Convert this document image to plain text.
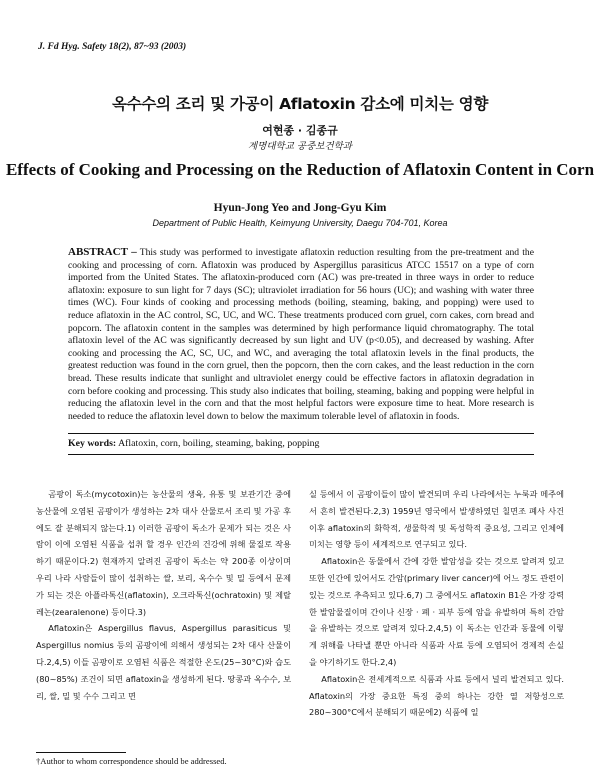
J. Fd Hyg. Safety 18(2), 87~93 (2003)
옥수수의 조리 및 가공이 Aflatoxin 감소에 미치는 영향
여현종 · 김종규
계명대학교 공중보건학과
Effects of Cooking and Processing on the Reduction of Aflatoxin Content in Corn
Hyun-Jong Yeo and Jong-Gyu Kim
Department of Public Health, Keimyung University, Daegu 704-701, Korea
ABSTRACT – This study was performed to investigate aflatoxin reduction resulting from the pre-treatment and the cooking and processing of corn. Aflatoxin was produced by Aspergillus parasiticus ATCC 15517 on a type of corn imported from the United States. The aflatoxin-produced corn (AC) was pre-treated in three ways in order to reduce aflatoxin: exposure to sun light for 7 days (SC); ultraviolet irradiation for 56 hours (UC); and washing with water three times (WC). Four kinds of cooking and processing methods (boiling, steaming, baking, and popping) were used to reduce aflatoxin in the AC control, SC, UC, and WC. These treatments produced corn gruel, corn cakes, corn bread and popcorn. The aflatoxin content in the samples was determined by high performance liquid chromatography. The total aflatoxin level of the AC was significantly decreased by sun light and UV (p<0.05), and decreased by washing. After cooking and processing the AC, SC, UC, and WC, and averaging the total aflatoxin levels in the final products, the greatest reduction was found in the corn gruel, then the popcorn, then the corn cakes, and the least reduction in the corn bread. These results indicate that sunlight and ultraviolet energy could be effective factors in aflatoxin degradation in corn before cooking and processing. This study also indicates that boiling, steaming, baking and popping were helpful in reducing the aflatoxin level in the corn and that the most helpful factors were exposure time to heat. More research is needed to reduce the aflatoxin level down to below the maximum tolerable level of aflatoxin in foods.
Key words: Aflatoxin, corn, boiling, steaming, baking, popping

곰팡이 독소(mycotoxin)는 농산물의 생육, 유통 및 보관기간 중에 농산물에 오염된 곰팡이가 생성하는 2차 대사 산물로서 조리 및 가공 후에도 잘 분해되지 않는다.1) 이러한 곰팡이 독소가 문제가 되는 것은 사람이 이에 오염된 식품을 섭취 할 경우 인간의 건강에 위해 물질로 작용하기 때문이다.2) 현재까지 알려진 곰팡이 독소는 약 200종 이상이며 우리 나라 사람들이 많이 섭취하는 쌀, 보리, 옥수수 및 밀 등에서 문제가 되는 것은 아플라톡신(aflatoxin), 오크라톡신(ochratoxin) 및 제랄레논(zearalenone) 등이다.3)

Aflatoxin은 Aspergillus flavus, Aspergillus parasiticus 및 Aspergillus nomius 등의 곰팡이에 의해서 생성되는 2차 대사 산물이다.2,4,5) 이들 곰팡이로 오염된 식품은 적절한 온도(25~30°C)와 습도(80~85%) 조건이 되면 aflatoxin을 생성하게 된다. 땅콩과 옥수수, 보리, 쌀, 밀 및 수수 그리고 면

실 등에서 이 곰팡이들이 많이 발견되며 우리 나라에서는 누룩과 메주에서 흔히 발견된다.2,3) 1959년 영국에서 발생하였던 칠면조 폐사 사건 이후 aflatoxin의 화학적, 생물학적 및 독성학적 중요성, 그리고 인체에 미치는 영향 등이 세계적으로 연구되고 있다.

Aflatoxin은 동물에서 간에 강한 발암성을 갖는 것으로 알려져 있고 또한 인간에 있어서도 간암(primary liver cancer)에 어느 정도 관련이 있는 것으로 추측되고 있다.6,7) 그 중에서도 aflatoxin B1은 가장 강력한 발암물질이며 간이나 신장 · 폐 · 피부 등에 암을 유발하며 특히 간암을 유발하는 것으로 알려져 있다.2,4,5) 이 독소는 인간과 동물에 이렇게 위해를 나타낼 뿐만 아니라 식품과 사료 등에 오염되어 경제적 손실을 야기하기도 한다.2,4)

Aflatoxin은 전세계적으로 식품과 사료 등에서 널리 발견되고 있다. Aflatoxin의 가장 중요한 특징 중의 하나는 강한 열 저항성으로 280~300°C에서 분해되기 때문에2) 식품에 일

†Author to whom correspondence should be addressed.
